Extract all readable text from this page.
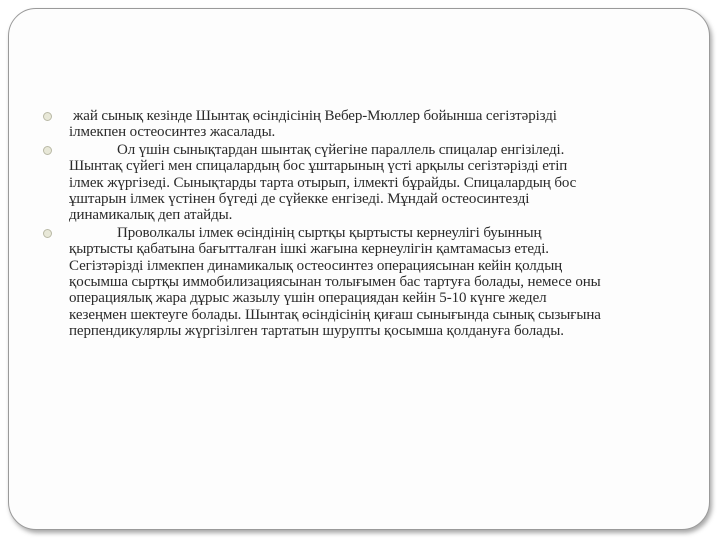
жай сынық кезінде Шынтақ өсіндісінің Вебер-Мюллер бойынша сегізтәрізді ілмекпен остеосинтез жасалады.
Ол үшін сынықтардан шынтақ сүйегіне параллель спицалар енгізіледі. Шынтақ сүйегі мен спицалардың бос ұштарының үсті арқылы сегізтәрізді етіп ілмек жүргізеді. Сынықтарды тарта отырып, ілмекті бұрайды. Спицалардың бос ұштарын ілмек үстінен бүгеді де сүйекке енгізеді. Мұндай остеосинтезді динамикалық деп атайды.
Проволкалы ілмек өсіндінің сыртқы қыртысты кернеулігі буынның қыртысты қабатына бағытталған ішкі жағына кернеулігін қамтамасыз етеді. Сегізтәрізді ілмекпен динамикалық остеосинтез операциясынан кейін қолдың қосымша сыртқы иммобилизациясынан толығымен бас тартуға болады, немесе оны операциялық жара дұрыс жазылу үшін операциядан кейін 5-10 күнге жедел кезеңмен шектеуге болады. Шынтақ өсіндісінің қиғаш сынығында сынық сызығына перпендикулярлы жүргізілген тартатын шурупты қосымша қолдануға болады.
